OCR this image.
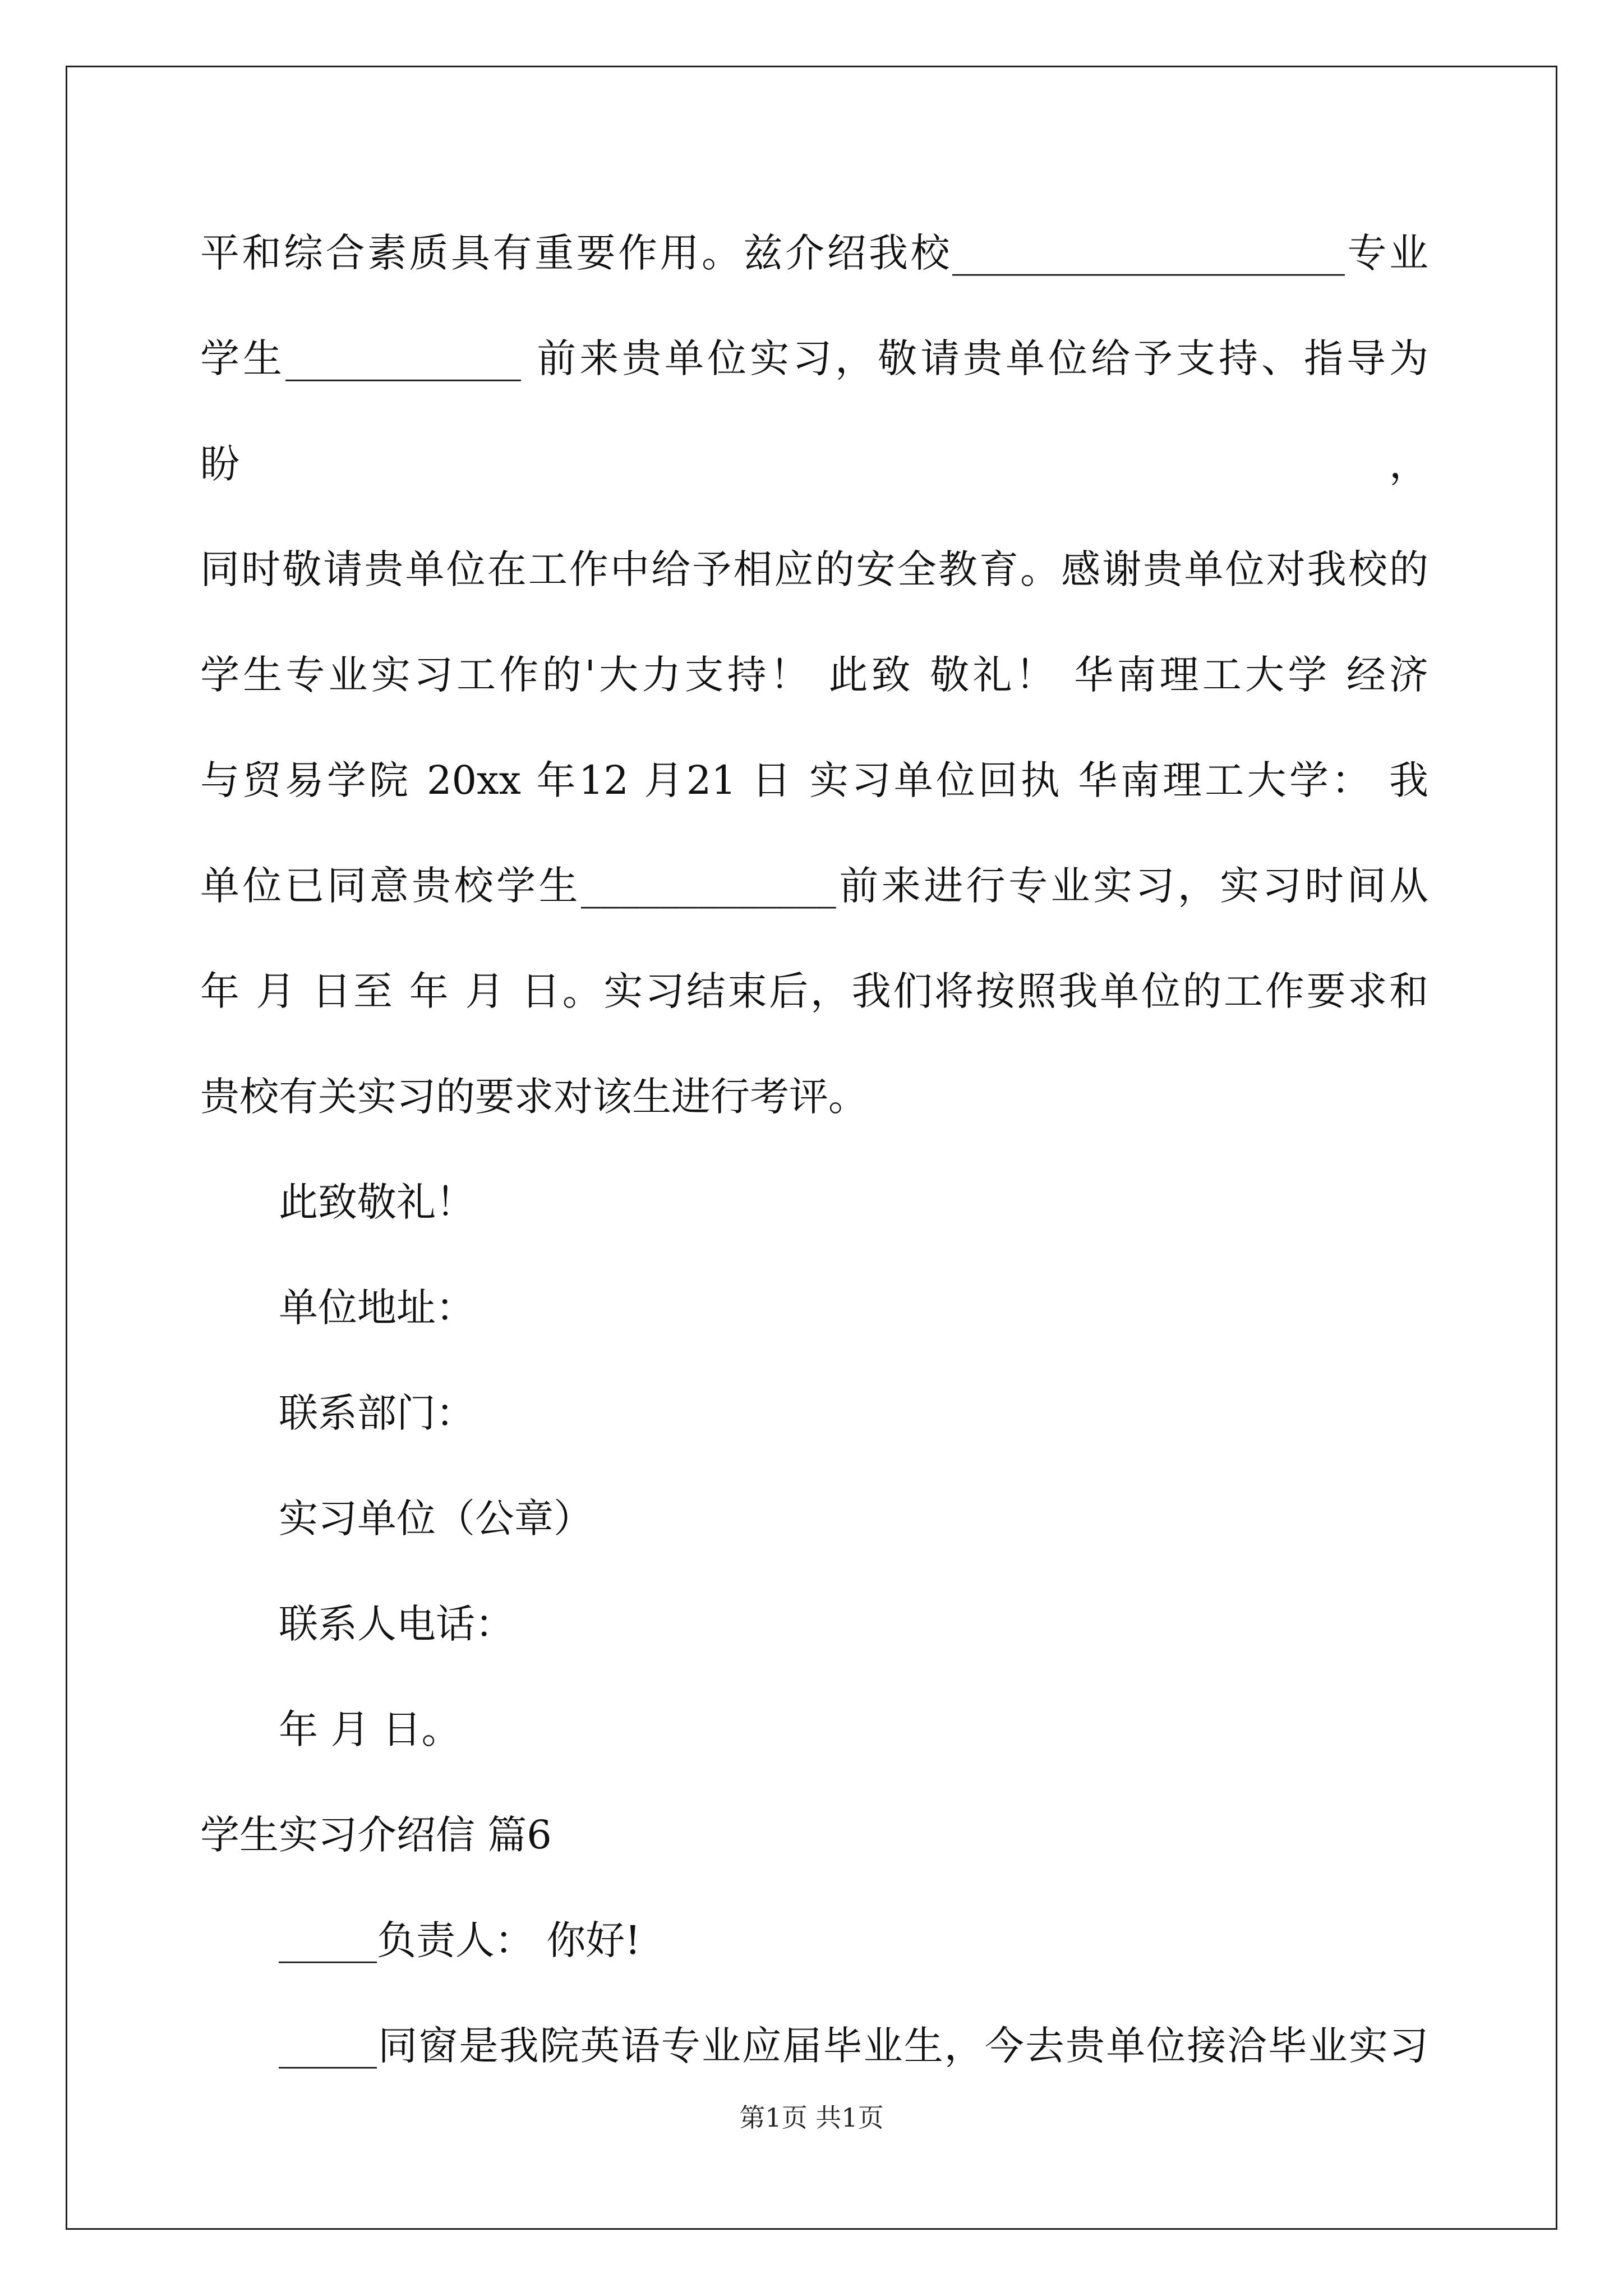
平和综合素质具有重要作用。兹介绍我校____________________专业

学生____________ 前来贵单位实习，敬请贵单位给予支持、指导为盼，

同时敬请贵单位在工作中给予相应的安全教育。感谢贵单位对我校的

学生专业实习工作的'大力支持！ 此致 敬礼！ 华南理工大学 经济

与贸易学院 20xx 年12 月21 日 实习单位回执 华南理工大学： 我

单位已同意贵校学生_____________前来进行专业实习，实习时间从

年 月 日至 年 月 日。实习结束后，我们将按照我单位的工作要求和

贵校有关实习的要求对该生进行考评。

此致敬礼！

单位地址：

联系部门：

实习单位（公章）

联系人电话：

年 月 日。

学生实习介绍信 篇6

_____负责人： 你好!

_____同窗是我院英语专业应届毕业生，今去贵单位接洽毕业实习

第1页 共1页
